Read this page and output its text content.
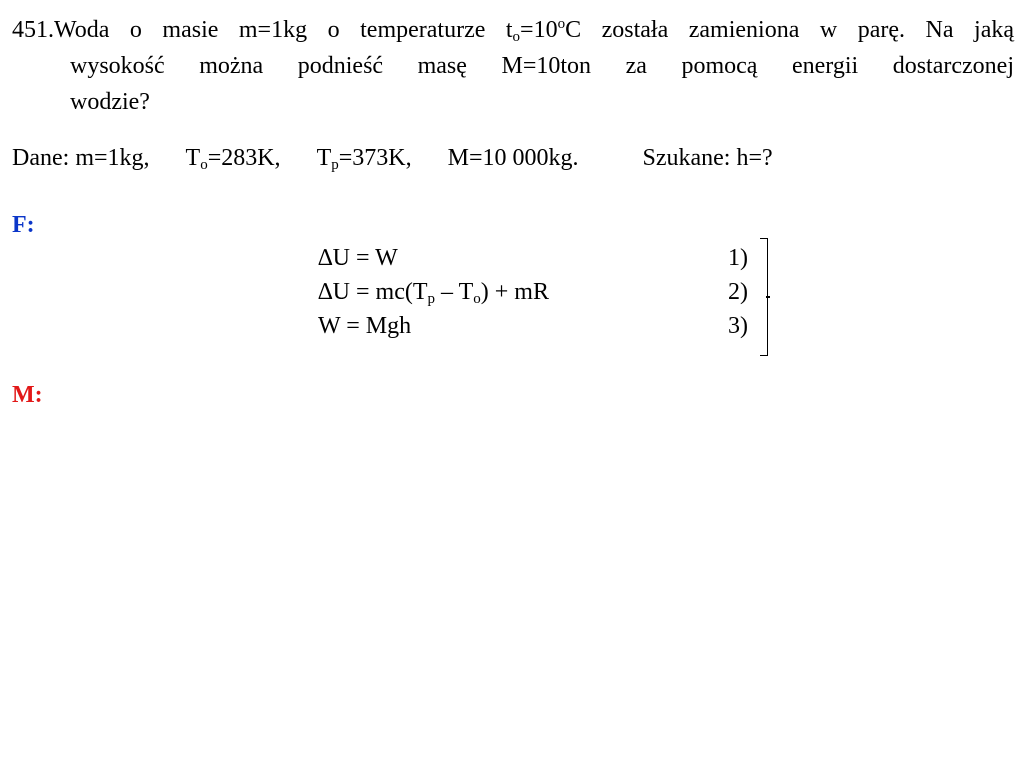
451.Woda o masie m=1kg o temperaturze $t_o=10^oC$ została zamieniona w parę. Na jaką
wysokość można podnieść masę M=10ton za pomocą energii dostarczonej
wodzie?
Dane: m=1kg, $T_o=283K$, $T_p=373K$, M=10 000kg.	Szukane: h=?
F:
∆U = W	1)
$\Delta U = mc(T_p - T_o)$ + mR	2)
W = Mgh	3)
M:
